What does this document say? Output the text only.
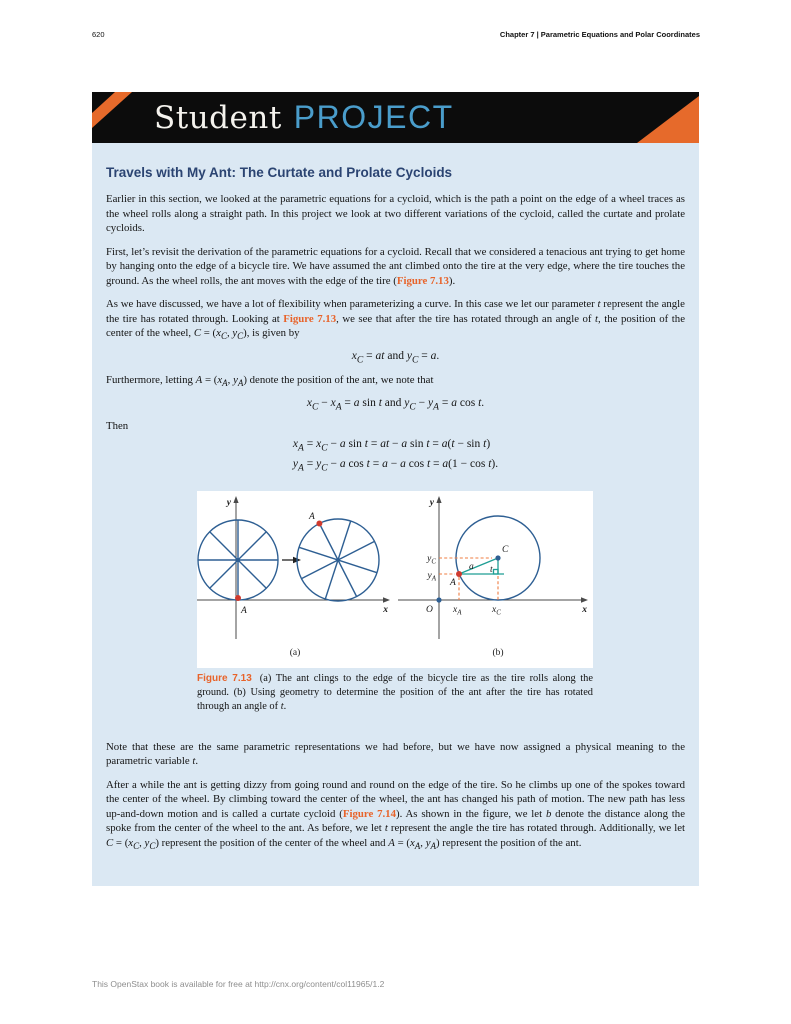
620	Chapter 7 | Parametric Equations and Polar Coordinates
Student PROJECT
Travels with My Ant: The Curtate and Prolate Cycloids

Earlier in this section, we looked at the parametric equations for a cycloid, which is the path a point on the edge of a wheel traces as the wheel rolls along a straight path. In this project we look at two different variations of the cycloid, called the curtate and prolate cycloids.

First, let’s revisit the derivation of the parametric equations for a cycloid. Recall that we considered a tenacious ant trying to get home by hanging onto the edge of a bicycle tire. We have assumed the ant climbed onto the tire at the very edge, where the tire touches the ground. As the wheel rolls, the ant moves with the edge of the tire (Figure 7.13).

As we have discussed, we have a lot of flexibility when parameterizing a curve. In this case we let our parameter t represent the angle the tire has rotated through. Looking at Figure 7.13, we see that after the tire has rotated through an angle of t, the position of the center of the wheel, $C = (x_C$, $y_C$), is given by

$x_C$ = at and $y_C = a$.

Furthermore, letting $A = (x_A$, $y_A$) denote the position of the ant, we note that

$x_C - x_A = a$ sin t and $y_C - y_A = a$ cos t.

Then

$x_A = x_C - a$ sin t = at − a sin t = a(t − sin t)
$y_A = y_C - a$ cos t = a − a cos t = a(1 − cos t).
y
x
A
A
(a)
y
x
a t
C
A
O
$y_C$
$y_A$
$x_A$	$x_C$
(b)
Figure 7.13 (a) The ant clings to the edge of the bicycle tire as the tire rolls along the ground. (b) Using geometry to determine the position of the ant after the tire has rotated through an angle of t.

Note that these are the same parametric representations we had before, but we have now assigned a physical meaning to the parametric variable t.

After a while the ant is getting dizzy from going round and round on the edge of the tire. So he climbs up one of the spokes toward the center of the wheel. By climbing toward the center of the wheel, the ant has changed his path of motion. The new path has less up-and-down motion and is called a curtate cycloid (Figure 7.14). As shown in the figure, we let b denote the distance along the spoke from the center of the wheel to the ant. As before, we let t represent the angle the tire has rotated through. Additionally, we let $C = (x_C$, $y_C$) represent the position of the center of the wheel and $A = (x_A$, $y_A$) represent the position of the ant.

This OpenStax book is available for free at http://cnx.org/content/col11965/1.2
